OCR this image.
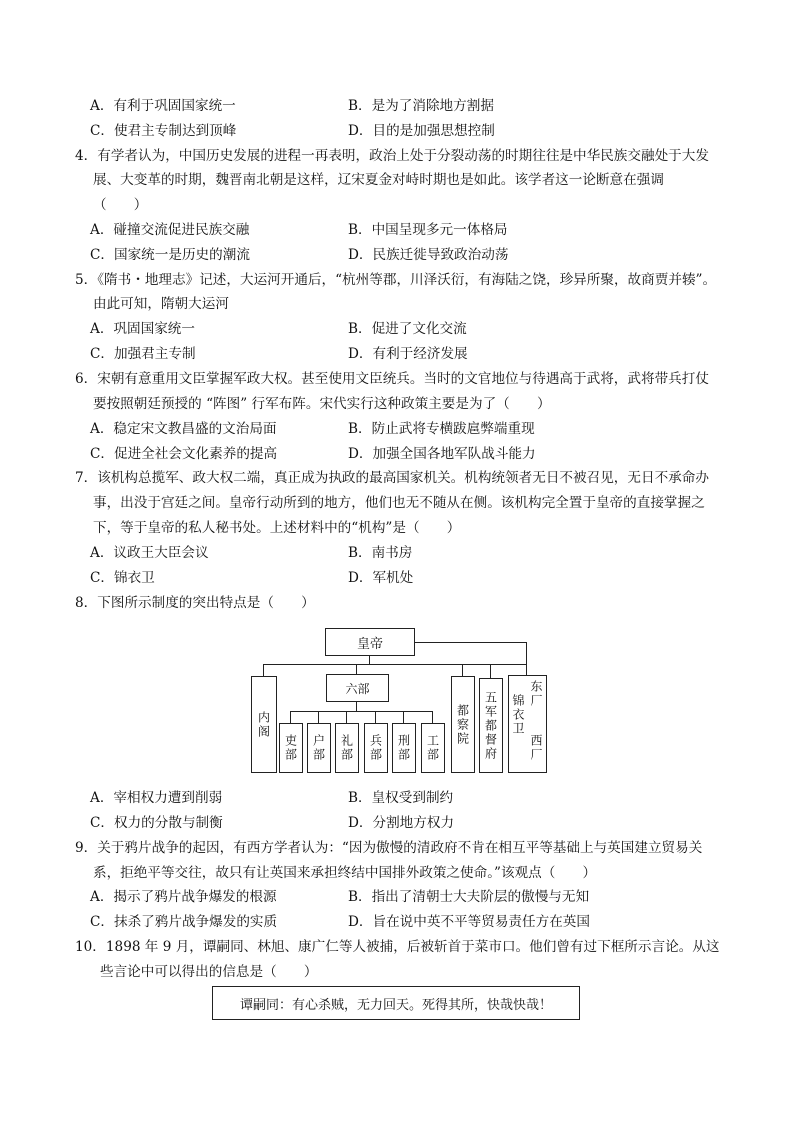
A．有利于巩固国家统一	B．是为了消除地方割据
C．使君主专制达到顶峰	D．目的是加强思想控制
4．有学者认为，中国历史发展的进程一再表明，政治上处于分裂动荡的时期往往是中华民族交融处于大发
展、大变革的时期，魏晋南北朝是这样，辽宋夏金对峙时期也是如此。该学者这一论断意在强调
（　　）
A．碰撞交流促进民族交融	B．中国呈现多元一体格局
C．国家统一是历史的潮流	D．民族迁徙导致政治动荡
5．《隋书・地理志》记述，大运河开通后，“杭州等郡，川泽沃衍，有海陆之饶，珍异所聚，故商贾并辏”。
由此可知，隋朝大运河
A．巩固国家统一	B．促进了文化交流
C．加强君主专制	D．有利于经济发展
6．宋朝有意重用文臣掌握军政大权。甚至使用文臣统兵。当时的文官地位与待遇高于武将，武将带兵打仗
要按照朝廷预授的 “阵图” 行军布阵。宋代实行这种政策主要是为了（　　）
A．稳定宋文教昌盛的文治局面	B．防止武将专横跋扈弊端重现
C．促进全社会文化素养的提高	D．加强全国各地军队战斗能力
7．该机构总揽军、政大权二端，真正成为执政的最高国家机关。机构统领者无日不被召见，无日不承命办
事，出没于宫廷之间。皇帝行动所到的地方，他们也无不随从在侧。该机构完全置于皇帝的直接掌握之
下，等于皇帝的私人秘书处。上述材料中的“机构”是（　　）
A．议政王大臣会议	B．南书房
C．锦衣卫	D．军机处
8．下图所示制度的突出特点是（　　）
皇帝
内阁
六部
吏部	户部	礼部	兵部	刑部	工部
都察院	五军都督府	锦衣卫 东厂
西厂
A．宰相权力遭到削弱	B．皇权受到制约
C．权力的分散与制衡	D．分割地方权力
9．关于鸦片战争的起因，有西方学者认为：“因为傲慢的清政府不肯在相互平等基础上与英国建立贸易关
系，拒绝平等交往，故只有让英国来承担终结中国排外政策之使命。”该观点（　　）
A．揭示了鸦片战争爆发的根源	B．指出了清朝士大夫阶层的傲慢与无知
C．抹杀了鸦片战争爆发的实质	D．旨在说中英不平等贸易责任方在英国
10．1898 年 9 月，谭嗣同、林旭、康广仁等人被捕，后被斩首于菜市口。他们曾有过下框所示言论。从这
些言论中可以得出的信息是（　　）
谭嗣同：有心杀贼，无力回天。死得其所，快哉快哉！
